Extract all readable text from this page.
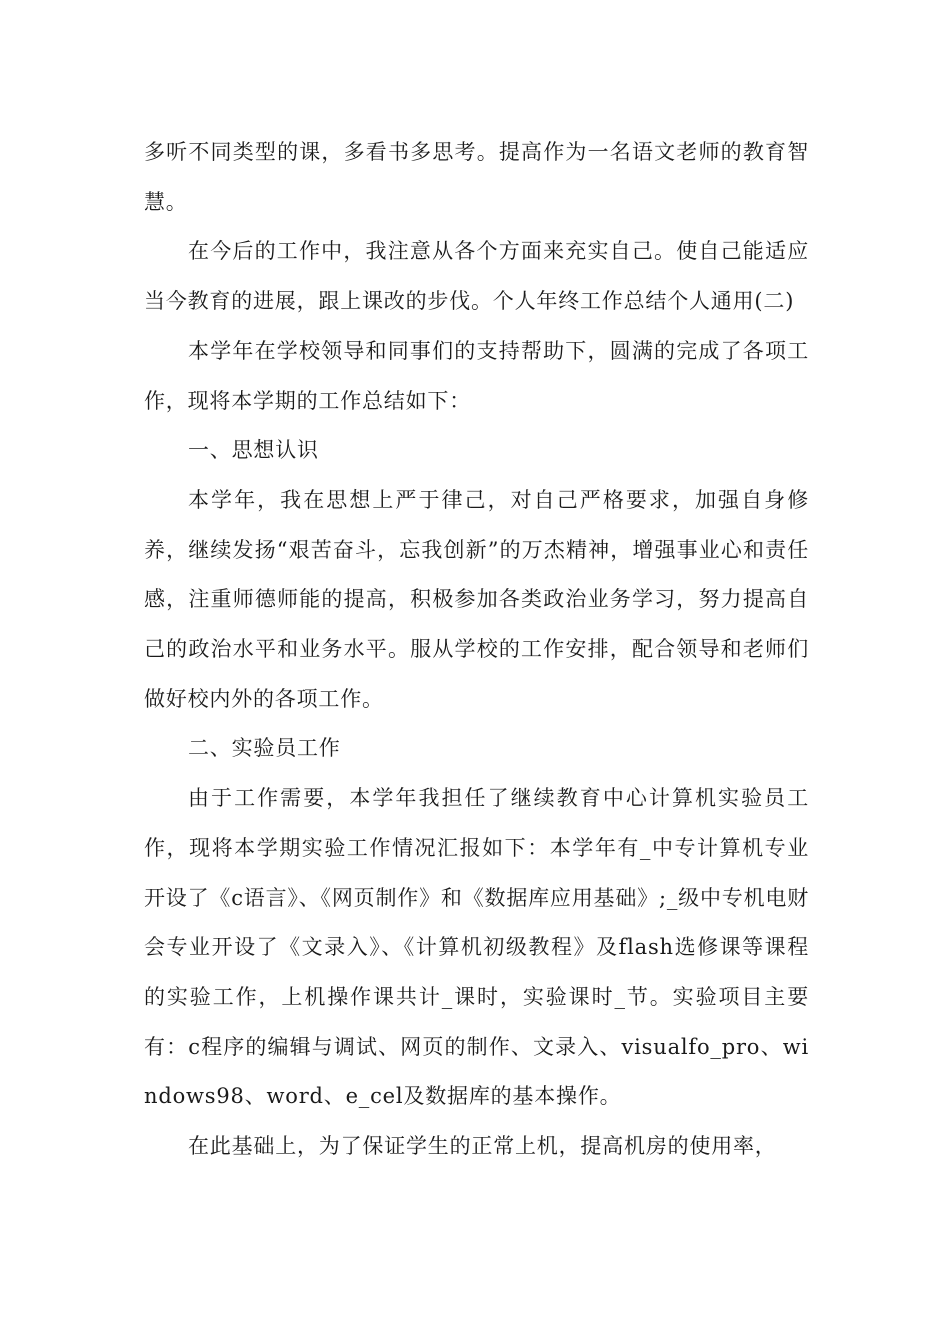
多听不同类型的课，多看书多思考。提高作为一名语文老师的教育智慧。

在今后的工作中，我注意从各个方面来充实自己。使自己能适应当今教育的进展，跟上课改的步伐。个人年终工作总结个人通用(二)

本学年在学校领导和同事们的支持帮助下，圆满的完成了各项工作，现将本学期的工作总结如下：

一、思想认识

本学年，我在思想上严于律己，对自己严格要求，加强自身修养，继续发扬“艰苦奋斗，忘我创新”的万杰精神，增强事业心和责任感，注重师德师能的提高，积极参加各类政治业务学习，努力提高自己的政治水平和业务水平。服从学校的工作安排，配合领导和老师们做好校内外的各项工作。

二、实验员工作

由于工作需要，本学年我担任了继续教育中心计算机实验员工作，现将本学期实验工作情况汇报如下：本学年有_中专计算机专业开设了《c语言》、《网页制作》和《数据库应用基础》;_级中专机电财会专业开设了《文录入》、《计算机初级教程》及flash选修课等课程的实验工作，上机操作课共计_课时，实验课时_节。实验项目主要有：c程序的编辑与调试、网页的制作、文录入、visualfo_pro、windows98、word、e_cel及数据库的基本操作。

在此基础上，为了保证学生的正常上机，提高机房的使用率，
